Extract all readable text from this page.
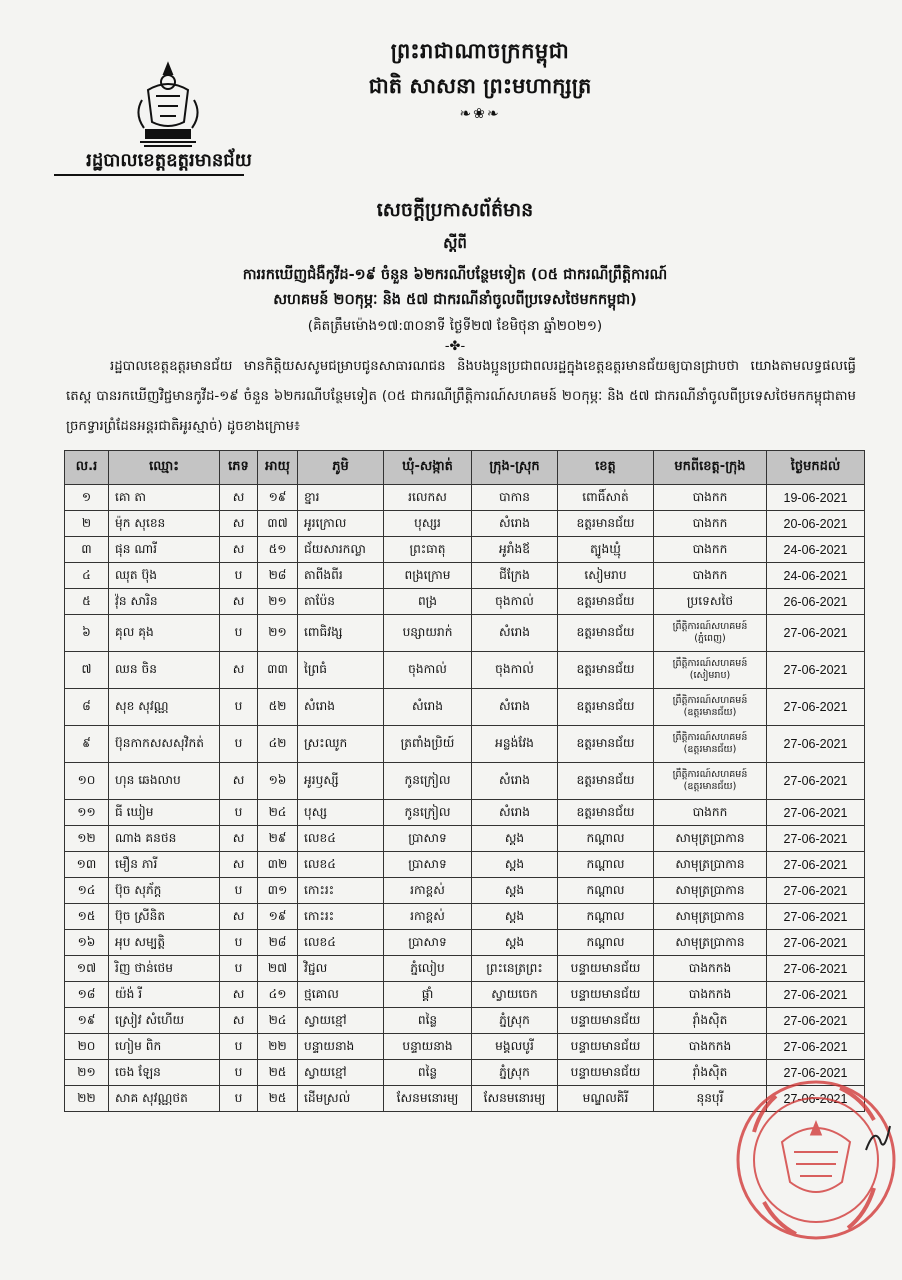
ព្រះរាជាណាចក្រកម្ពុជា
ជាតិ សាសនា ព្រះមហាក្សត្រ
❧❀❧
រដ្ឋបាលខេត្តឧត្ដរមានជ័យ
សេចក្ដីប្រកាសព័ត៌មាន
ស្ដីពី
ការរកឃើញជំងឺកូវីដ-១៩ ចំនួន ៦២ករណីបន្ថែមទៀត (០៥ ជាករណីព្រឹត្តិការណ៍
សហគមន៍ ២០កុម្ភៈ និង ៥៧ ជាករណីនាំចូលពីប្រទេសថៃមកកម្ពុជា)
(គិតត្រឹមម៉ោង១៧:៣០នាទី ថ្ងៃទី២៧ ខែមិថុនា ឆ្នាំ២០២១)
-✤-
រដ្ឋបាលខេត្តឧត្ដរមានជ័យ មានកិត្តិយសសូមជម្រាបជូនសាធារណជន និងបងប្អូនប្រជាពលរដ្ឋក្នុងខេត្តឧត្ដរមានជ័យឲ្យបានជ្រាបថា យោងតាមលទ្ធផលធ្វើតេស្ដ បានរកឃើញវិជ្ជមានកូវីដ-១៩ ចំនួន ៦២ករណីបន្ថែមទៀត (០៥ ជាករណីព្រឹត្តិការណ៍សហគមន៍ ២០កុម្ភៈ និង ៥៧ ជាករណីនាំចូលពីប្រទេសថៃមកកម្ពុជាតាមច្រកទ្វារព្រំដែនអន្ដរជាតិអូរស្មាច់) ដូចខាងក្រោម៖
ល.រ	ឈ្មោះ	ភេទ	អាយុ	ភូមិ	ឃុំ-សង្កាត់	ក្រុង-ស្រុក	ខេត្ត	មកពីខេត្ត-ក្រុង	ថ្ងៃមកដល់
១	គោ តា	ស	១៩	ខ្នារ	រលេកស	បាកាន	ពោធិ៍សាត់	បាងកក	19-06-2021
២	ម៉ុក សុខេន	ស	៣៧	អូរក្រោល	បុស្សរ	សំរោង	ឧត្ដរមានជ័យ	បាងកក	20-06-2021
៣	ផុន ណារី	ស	៥១	ជ័យសារកល្លា	ព្រះធាតុ	អូរាំងឪ	ត្បូងឃ្មុំ	បាងកក	24-06-2021
៤	ឈុត ប៊ុង	ប	២៨	តាពីងពីរ	ពង្រក្រោម	ជីក្រែង	សៀមរាប	បាងកក	24-06-2021
៥	វ៉ុន សារិន	ស	២១	តាប៉ែន	ពង្រ	ចុងកាល់	ឧត្ដរមានជ័យ	ប្រទេសថៃ	26-06-2021
៦	គុល គុង	ប	២១	ពោធិវង្ស	បន្សាយរាក់	សំរោង	ឧត្ដរមានជ័យ	ព្រឹត្តិការណ៍សហគមន៍ (ភ្នំពេញ)	27-06-2021
៧	ឈន ចិន	ស	៣៣	ព្រៃធំ	ចុងកាល់	ចុងកាល់	ឧត្ដរមានជ័យ	ព្រឹត្តិការណ៍សហគមន៍ (សៀមរាប)	27-06-2021
៨	សុខ សុវណ្ណ	ប	៥២	សំរោង	សំរោង	សំរោង	ឧត្ដរមានជ័យ	ព្រឹត្តិការណ៍សហគមន៍ (ឧត្ដរមានជ័យ)	27-06-2021
៩	ប៊ុនកាកសសសុវិកត់	ប	៤២	ស្រះឈូក	ត្រពាំងប្រិយ៍	អន្លង់វែង	ឧត្ដរមានជ័យ	ព្រឹត្តិការណ៍សហគមន៍ (ឧត្ដរមានជ័យ)	27-06-2021
១០	ហុន ឆេងលាប	ស	១៦	អូរឫស្សី	កូនក្រៀល	សំរោង	ឧត្ដរមានជ័យ	ព្រឹត្តិការណ៍សហគមន៍ (ឧត្ដរមានជ័យ)	27-06-2021
១១	ធី ឃៀម	ប	២៤	បុស្ស	កូនក្រៀល	សំរោង	ឧត្ដរមានជ័យ	បាងកក	27-06-2021
១២	ណាង គនថន	ស	២៩	លេខ៤	ប្រាសាទ	ស្គង	កណ្ដាល	សាមុត្រប្រាកាន	27-06-2021
១៣	មឿន ភារី	ស	៣២	លេខ៤	ប្រាសាទ	ស្គង	កណ្ដាល	សាមុត្រប្រាកាន	27-06-2021
១៤	ប៊ុច សុភ័ក្ត	ប	៣១	កោះរះ	រកាខ្ពស់	ស្គង	កណ្ដាល	សាមុត្រប្រាកាន	27-06-2021
១៥	ប៊ុច ស្រីនិត	ស	១៩	កោះរះ	រកាខ្ពស់	ស្គង	កណ្ដាល	សាមុត្រប្រាកាន	27-06-2021
១៦	អុប សម្បត្តិ	ប	២៨	លេខ៤	ប្រាសាទ	ស្គង	កណ្ដាល	សាមុត្រប្រាកាន	27-06-2021
១៧	រិញ ថាន់ថេម	ប	២៧	វិជ្ជល	ភ្នំលៀប	ព្រះនេត្រព្រះ	បន្ទាយមានជ័យ	បាងកកង	27-06-2021
១៨	យ៉ង់ រី	ស	៤១	ថ្មគោល	ផ្គាំ	ស្វាយចេក	បន្ទាយមានជ័យ	បាងកកង	27-06-2021
១៩	ស្រៀវ សំហើយ	ស	២៤	ស្វាយខ្មៅ	ពន្លៃ	ភ្នំស្រុក	បន្ទាយមានជ័យ	រ៉ាំងស៊ិត	27-06-2021
២០	ហៀម ពិក	ប	២២	បន្ទាយនាង	បន្ទាយនាង	មង្គលបូរី	បន្ទាយមានជ័យ	បាងកកង	27-06-2021
២១	ចេង ឡែន	ប	២៥	ស្វាយខ្មៅ	ពន្លៃ	ភ្នំស្រុក	បន្ទាយមានជ័យ	រ៉ាំងស៊ិត	27-06-2021
២២	សាគ សុវណ្ណថត	ប	២៥	ដើមស្រល់	សែនមនោរម្យ	សែនមនោរម្យ	មណ្ឌលគិរី	នុនបុរី	27-06-2021
